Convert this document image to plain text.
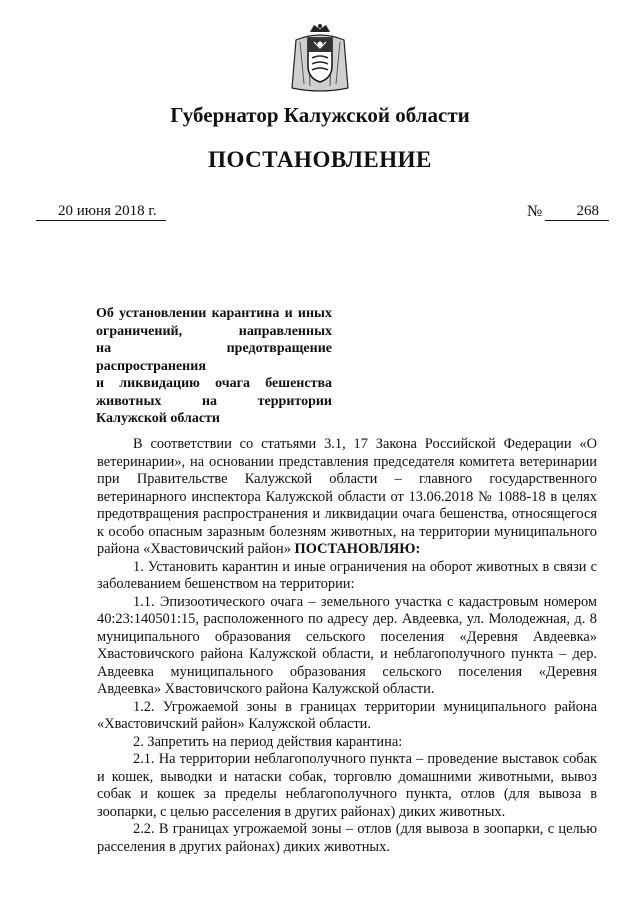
Губернатор Калужской области
ПОСТАНОВЛЕНИЕ
20 июня 2018 г.	№	268
Об установлении карантина и иных
ограничений, направленных
на предотвращение распространения
и ликвидацию очага бешенства
животных на территории
Калужской области

В соответствии со статьями 3.1, 17 Закона Российской Федерации «О ветеринарии», на основании представления председателя комитета ветеринарии при Правительстве Калужской области – главного государственного ветеринарного инспектора Калужской области от 13.06.2018 № 1088-18 в целях предотвращения распространения и ликвидации очага бешенства, относящегося к особо опасным заразным болезням животных, на территории муниципального района «Хвастовичский район» ПОСТАНОВЛЯЮ:

1. Установить карантин и иные ограничения на оборот животных в связи с заболеванием бешенством на территории:

1.1. Эпизоотического очага – земельного участка с кадастровым номером 40:23:140501:15, расположенного по адресу дер. Авдеевка, ул. Молодежная, д. 8 муниципального образования сельского поселения «Деревня Авдеевка» Хвастовичского района Калужской области, и неблагополучного пункта – дер. Авдеевка муниципального образования сельского поселения «Деревня Авдеевка» Хвастовичского района Калужской области.

1.2. Угрожаемой зоны в границах территории муниципального района «Хвастовичский район» Калужской области.

2. Запретить на период действия карантина:

2.1. На территории неблагополучного пункта – проведение выставок собак и кошек, выводки и натаски собак, торговлю домашними животными, вывоз собак и кошек за пределы неблагополучного пункта, отлов (для вывоза в зоопарки, с целью расселения в других районах) диких животных.

2.2. В границах угрожаемой зоны – отлов (для вывоза в зоопарки, с целью расселения в других районах) диких животных.
